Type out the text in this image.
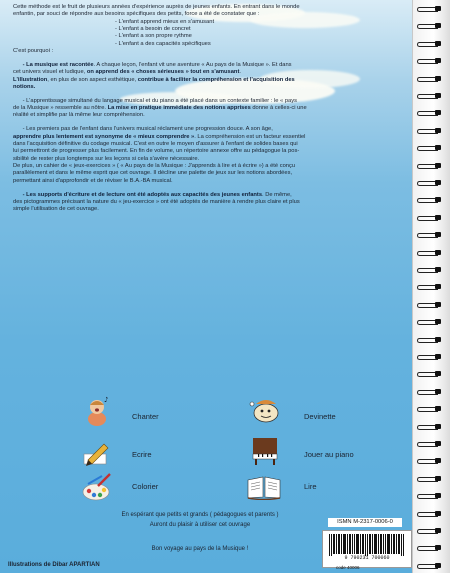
Cette méthode est le fruit de plusieurs années d'expérience auprès de jeunes enfants. En entrant dans le monde

enfantin, par souci de répondre aux besoins spécifiques des petits, force a été de constater que :

- L'enfant apprend mieux en s'amusant

- L'enfant a besoin de concret

- L'enfant a son propre rythme

- L'enfant a des capacités spécifiques

C'est pourquoi :

- La musique est racontée. A chaque leçon, l'enfant vit une aventure « Au pays de la Musique ». Et dans

cet univers visuel et ludique, on apprend des « choses sérieuses » tout en s'amusant.

L'illustration, en plus de son aspect esthétique, contribue à faciliter la compréhension et l'acquisition des

notions.

- L'apprentissage simultané du langage musical et du piano a été placé dans un contexte familier : le « pays

de la Musique » ressemble au nôtre. La mise en pratique immédiate des notions apprises donne à celles-ci une

réalité et simplifie par là même leur compréhension.

- Les premiers pas de l'enfant dans l'univers musical réclament une progression douce. A son âge,

apprendre plus lentement est synonyme de « mieux comprendre ». La compréhension est un facteur essentiel

dans l'acquisition définitive du codage musical. C'est en outre le moyen d'assurer à l'enfant de solides bases qui

lui permettront de progresser plus facilement. En fin de volume, un répertoire annexe offre au pédagogue la pos-

sibilité de rester plus longtemps sur les leçons si cela s'avère nécessaire.

De plus, un cahier de « jeux-exercices » ( « Au pays de la Musique : J'apprends à lire et à écrire ») a été conçu

parallèlement et dans le même esprit que cet ouvrage. Il décline une palette de jeux sur les notions abordées,

permettant ainsi d'approfondir et de réviser le B.A.-BA musical.

- Les supports d'écriture et de lecture ont été adoptés aux capacités des jeunes enfants. De même,

des pictogrammes précisant la nature du « jeu-exercice » ont été adoptés de manière à rendre plus claire et plus

simple l'utilisation de cet ouvrage.

♪
Chanter	Devinette
Ecrire	Jouer au piano
Colorier	Lire
En espérant que petits et grands ( pédagogues et parents )
Auront du plaisir à utiliser cet ouvrage
Bon voyage au pays de la Musique !
Illustrations de Dibar APARTIAN
ISMN M-2317-0006-0
9 790231 700060
code 40006
